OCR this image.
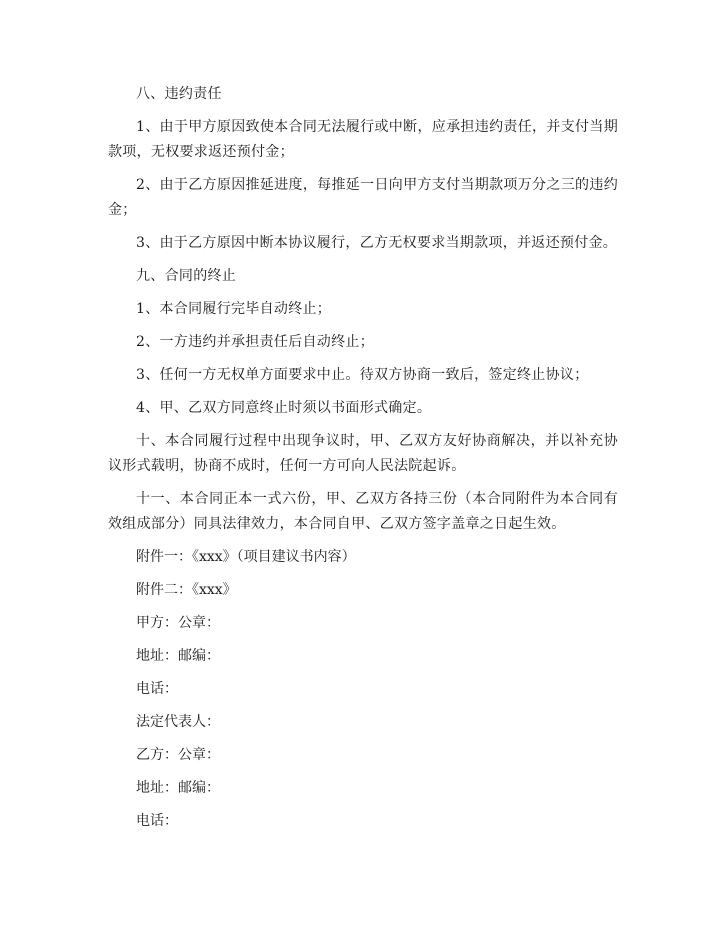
八、违约责任

1、由于甲方原因致使本合同无法履行或中断，应承担违约责任，并支付当期款项，无权要求返还预付金；

2、由于乙方原因推延进度，每推延一日向甲方支付当期款项万分之三的违约金；

3、由于乙方原因中断本协议履行，乙方无权要求当期款项，并返还预付金。

九、合同的终止

1、本合同履行完毕自动终止；

2、一方违约并承担责任后自动终止；

3、任何一方无权单方面要求中止。待双方协商一致后，签定终止协议；

4、甲、乙双方同意终止时须以书面形式确定。

十、本合同履行过程中出现争议时，甲、乙双方友好协商解决，并以补充协议形式载明，协商不成时，任何一方可向人民法院起诉。

十一、本合同正本一式六份，甲、乙双方各持三份（本合同附件为本合同有效组成部分）同具法律效力，本合同自甲、乙双方签字盖章之日起生效。

附件一：《xxx》（项目建议书内容）

附件二：《xxx》

甲方：公章：

地址：邮编：

电话：

法定代表人：

乙方：公章：

地址：邮编：

电话：
